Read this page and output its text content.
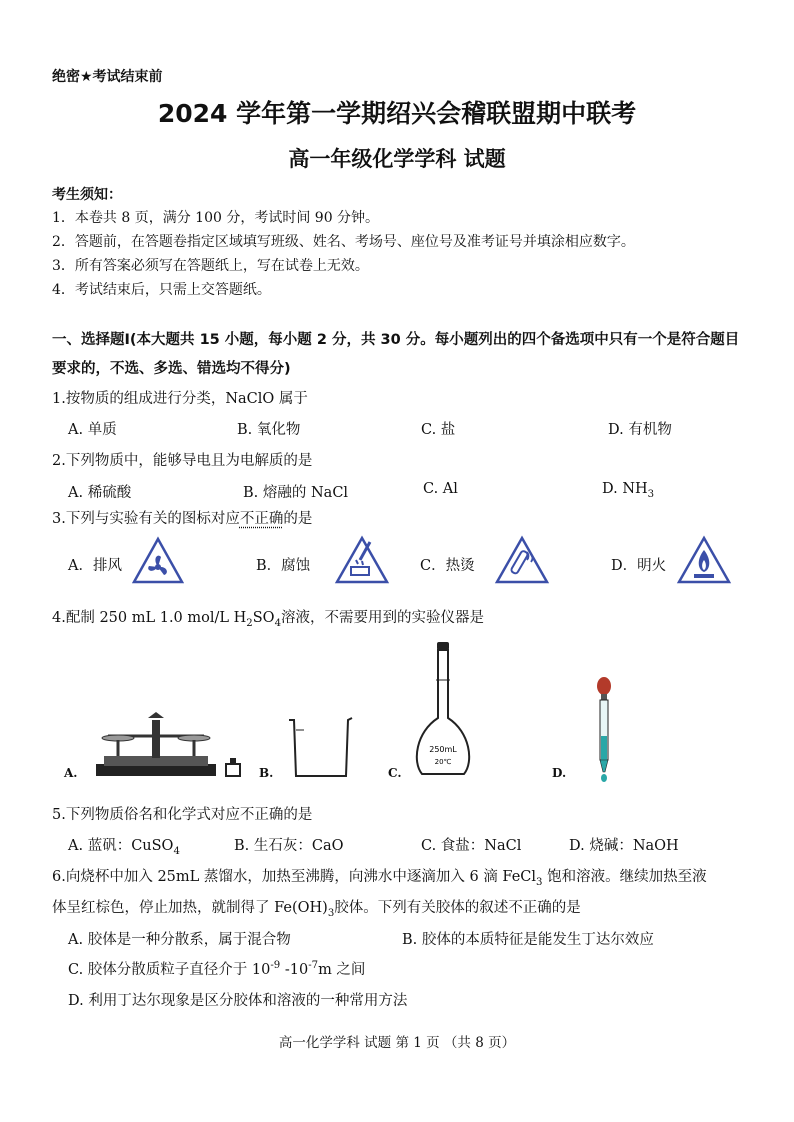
绝密★考试结束前
2024 学年第一学期绍兴会稽联盟期中联考
高一年级化学学科 试题
考生须知：
1．本卷共 8 页，满分 100 分，考试时间 90 分钟。
2．答题前，在答题卷指定区域填写班级、姓名、考场号、座位号及准考证号并填涂相应数字。
3．所有答案必须写在答题纸上，写在试卷上无效。
4．考试结束后，只需上交答题纸。
一、选择题I(本大题共 15 小题，每小题 2 分，共 30 分。每小题列出的四个备选项中只有一个是符合题目要求的，不选、多选、错选均不得分)
1.按物质的组成进行分类，NaClO 属于
A. 单质	B. 氧化物	C. 盐	D. 有机物
2.下列物质中，能够导电且为电解质的是
A. 稀硫酸	B. 熔融的 NaCl	C. Al	D. $NH_3$
3.下列与实验有关的图标对应不正确的是
A．排风	B．腐蚀	C．热烫	D．明火
4.配制 250 mL 1.0 mol/L $H_2SO_4$溶液，不需要用到的实验仪器是
A.	B.	C.
250mL
20℃
D.
5.下列物质俗名和化学式对应不正确的是
A. 蓝矾：CuSO$_4$	B. 生石灰：CaO	C. 食盐：NaCl	D. 烧碱：NaOH
6.向烧杯中加入 25mL 蒸馏水，加热至沸腾，向沸水中逐滴加入 6 滴 FeCl$_3$ 饱和溶液。继续加热至液
体呈红棕色，停止加热，就制得了 $Fe(OH)_3$胶体。下列有关胶体的叙述不正确的是
A. 胶体是一种分散系，属于混合物	B. 胶体的本质特征是能发生丁达尔效应
C. 胶体分散质粒子直径介于 $10^{-9}$ $-10^{-7}m$ 之间
D. 利用丁达尔现象是区分胶体和溶液的一种常用方法
高一化学学科 试题 第 1 页 （共 8 页）
